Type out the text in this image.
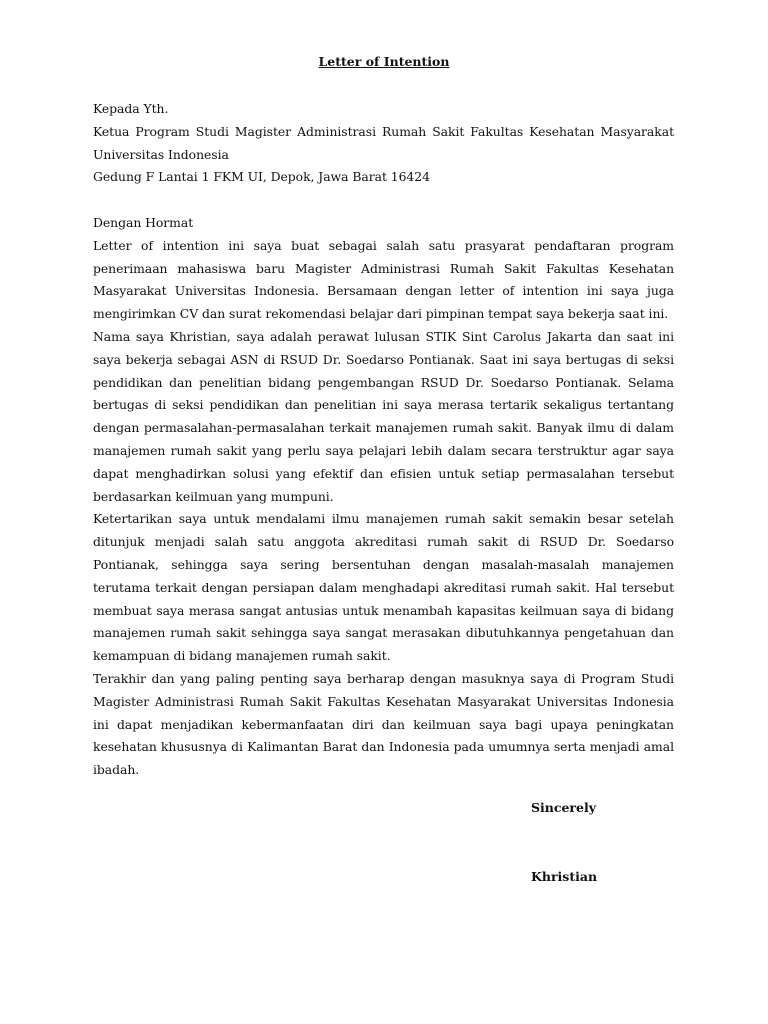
Letter of Intention

Kepada Yth.

Ketua Program Studi Magister Administrasi Rumah Sakit Fakultas Kesehatan Masyarakat Universitas Indonesia

Gedung F Lantai 1 FKM UI, Depok, Jawa Barat 16424

Dengan Hormat

Letter of intention ini saya buat sebagai salah satu prasyarat pendaftaran program penerimaan mahasiswa baru Magister Administrasi Rumah Sakit Fakultas Kesehatan Masyarakat Universitas Indonesia. Bersamaan dengan letter of intention ini saya juga mengirimkan CV dan surat rekomendasi belajar dari pimpinan tempat saya bekerja saat ini.

Nama saya Khristian, saya adalah perawat lulusan STIK Sint Carolus Jakarta dan saat ini saya bekerja sebagai ASN di RSUD Dr. Soedarso Pontianak. Saat ini saya bertugas di seksi pendidikan dan penelitian bidang pengembangan RSUD Dr. Soedarso Pontianak. Selama bertugas di seksi pendidikan dan penelitian ini saya merasa tertarik sekaligus tertantang dengan permasalahan-permasalahan terkait manajemen rumah sakit. Banyak ilmu di dalam manajemen rumah sakit yang perlu saya pelajari lebih dalam secara terstruktur agar saya dapat menghadirkan solusi yang efektif dan efisien untuk setiap permasalahan tersebut berdasarkan keilmuan yang mumpuni.

Ketertarikan saya untuk mendalami ilmu manajemen rumah sakit semakin besar setelah ditunjuk menjadi salah satu anggota akreditasi rumah sakit di RSUD Dr. Soedarso Pontianak, sehingga saya sering bersentuhan dengan masalah-masalah manajemen terutama terkait dengan persiapan dalam menghadapi akreditasi rumah sakit. Hal tersebut membuat saya merasa sangat antusias untuk menambah kapasitas keilmuan saya di bidang manajemen rumah sakit sehingga saya sangat merasakan dibutuhkannya pengetahuan dan kemampuan di bidang manajemen rumah sakit.

Terakhir dan yang paling penting saya berharap dengan masuknya saya di Program Studi Magister Administrasi Rumah Sakit Fakultas Kesehatan Masyarakat Universitas Indonesia ini dapat menjadikan kebermanfaatan diri dan keilmuan saya bagi upaya peningkatan kesehatan khususnya di Kalimantan Barat dan Indonesia pada umumnya serta menjadi amal ibadah.

Sincerely

Khristian
